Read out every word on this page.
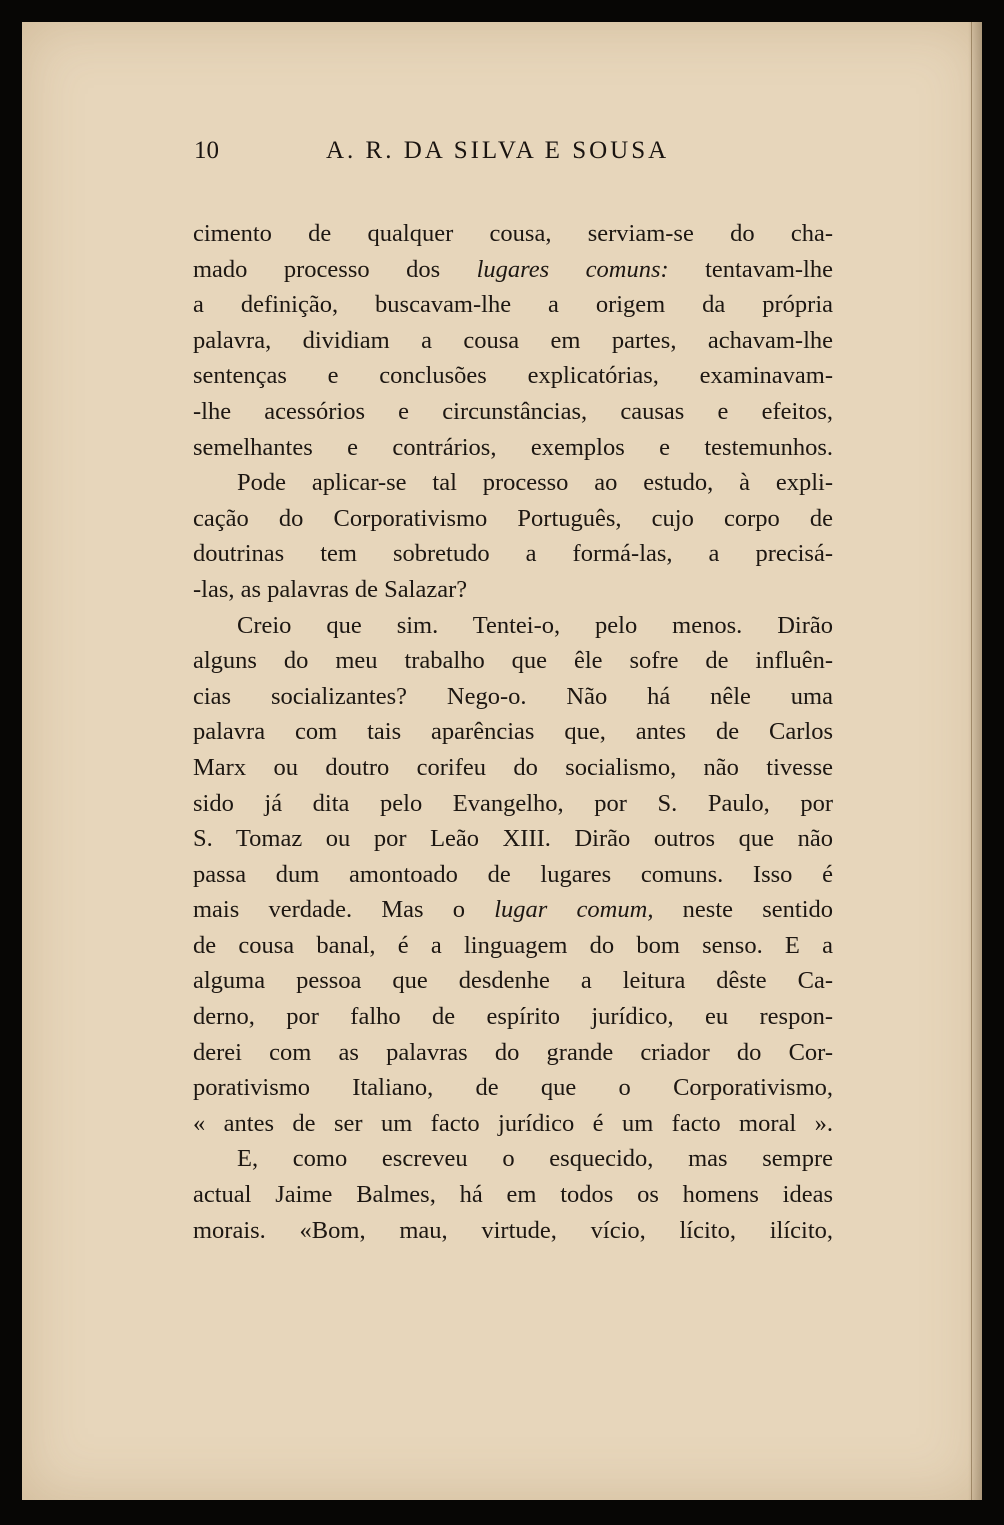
10	A. R. DA SILVA E SOUSA
cimento de qualquer cousa, serviam-se do cha-
mado processo dos lugares comuns: tentavam-lhe
a definição, buscavam-lhe a origem da própria
palavra, dividiam a cousa em partes, achavam-lhe
sentenças e conclusões explicatórias, examinavam-
-lhe acessórios e circunstâncias, causas e efeitos,
semelhantes e contrários, exemplos e testemunhos.
Pode aplicar-se tal processo ao estudo, à expli-
cação do Corporativismo Português, cujo corpo de
doutrinas tem sobretudo a formá-las, a precisá-
-las, as palavras de Salazar?
Creio que sim. Tentei-o, pelo menos. Dirão
alguns do meu trabalho que êle sofre de influên-
cias socializantes? Nego-o. Não há nêle uma
palavra com tais aparências que, antes de Carlos
Marx ou doutro corifeu do socialismo, não tivesse
sido já dita pelo Evangelho, por S. Paulo, por
S. Tomaz ou por Leão XIII. Dirão outros que não
passa dum amontoado de lugares comuns. Isso é
mais verdade. Mas o lugar comum, neste sentido
de cousa banal, é a linguagem do bom senso. E a
alguma pessoa que desdenhe a leitura dêste Ca-
derno, por falho de espírito jurídico, eu respon-
derei com as palavras do grande criador do Cor-
porativismo Italiano, de que o Corporativismo,
« antes de ser um facto jurídico é um facto moral ».
E, como escreveu o esquecido, mas sempre
actual Jaime Balmes, há em todos os homens ideas
morais. «Bom, mau, virtude, vício, lícito, ilícito,
